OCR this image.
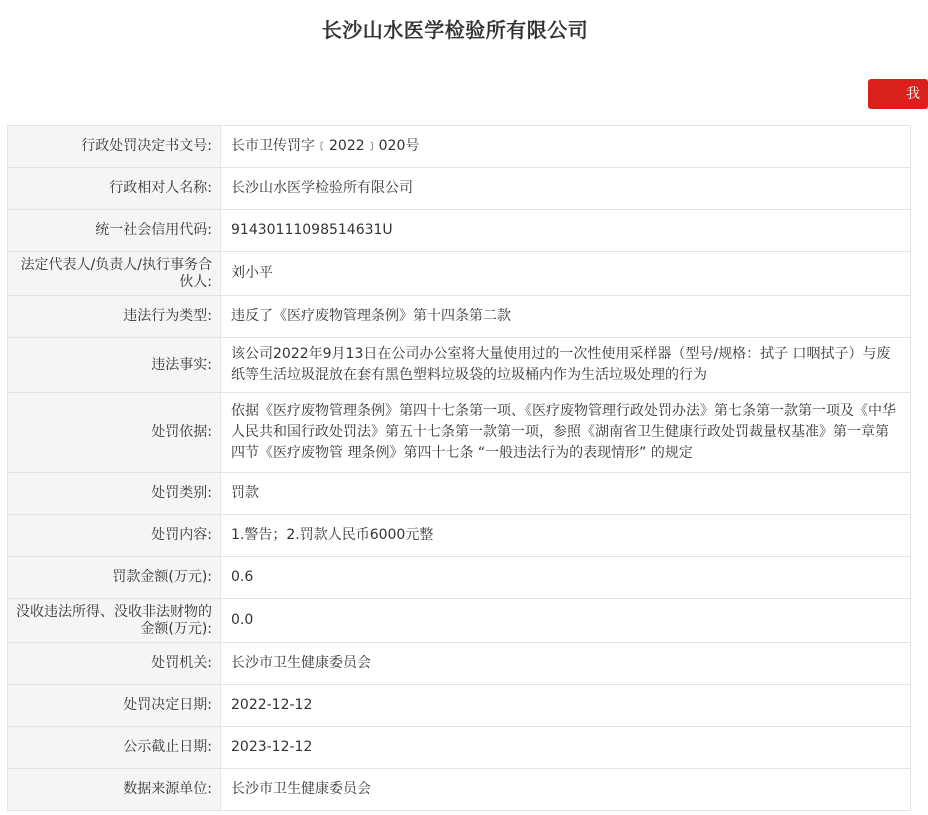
长沙山水医学检验所有限公司
我
行政处罚决定书文号:	长市卫传罚字﹝2022﹞020号
行政相对人名称:	长沙山水医学检验所有限公司
统一社会信用代码:	91430111098514631U
法定代表人/负责人/执行事务合伙人:	刘小平
违法行为类型:	违反了《医疗废物管理条例》第十四条第二款
违法事实:	该公司2022年9月13日在公司办公室将大量使用过的一次性使用采样器（型号/规格：拭子 口咽拭子）与废纸等生活垃圾混放在套有黑色塑料垃圾袋的垃圾桶内作为生活垃圾处理的行为
处罚依据:	依据《医疗废物管理条例》第四十七条第一项、《医疗废物管理行政处罚办法》第七条第一款第一项及《中华人民共和国行政处罚法》第五十七条第一款第一项，参照《湖南省卫生健康行政处罚裁量权基准》第一章第四节《医疗废物管 理条例》第四十七条 “一般违法行为的表现情形” 的规定
处罚类别:	罚款
处罚内容:	1.警告；2.罚款人民币6000元整
罚款金额(万元):	0.6
没收违法所得、没收非法财物的金额(万元):	0.0
处罚机关:	长沙市卫生健康委员会
处罚决定日期:	2022-12-12
公示截止日期:	2023-12-12
数据来源单位:	长沙市卫生健康委员会
